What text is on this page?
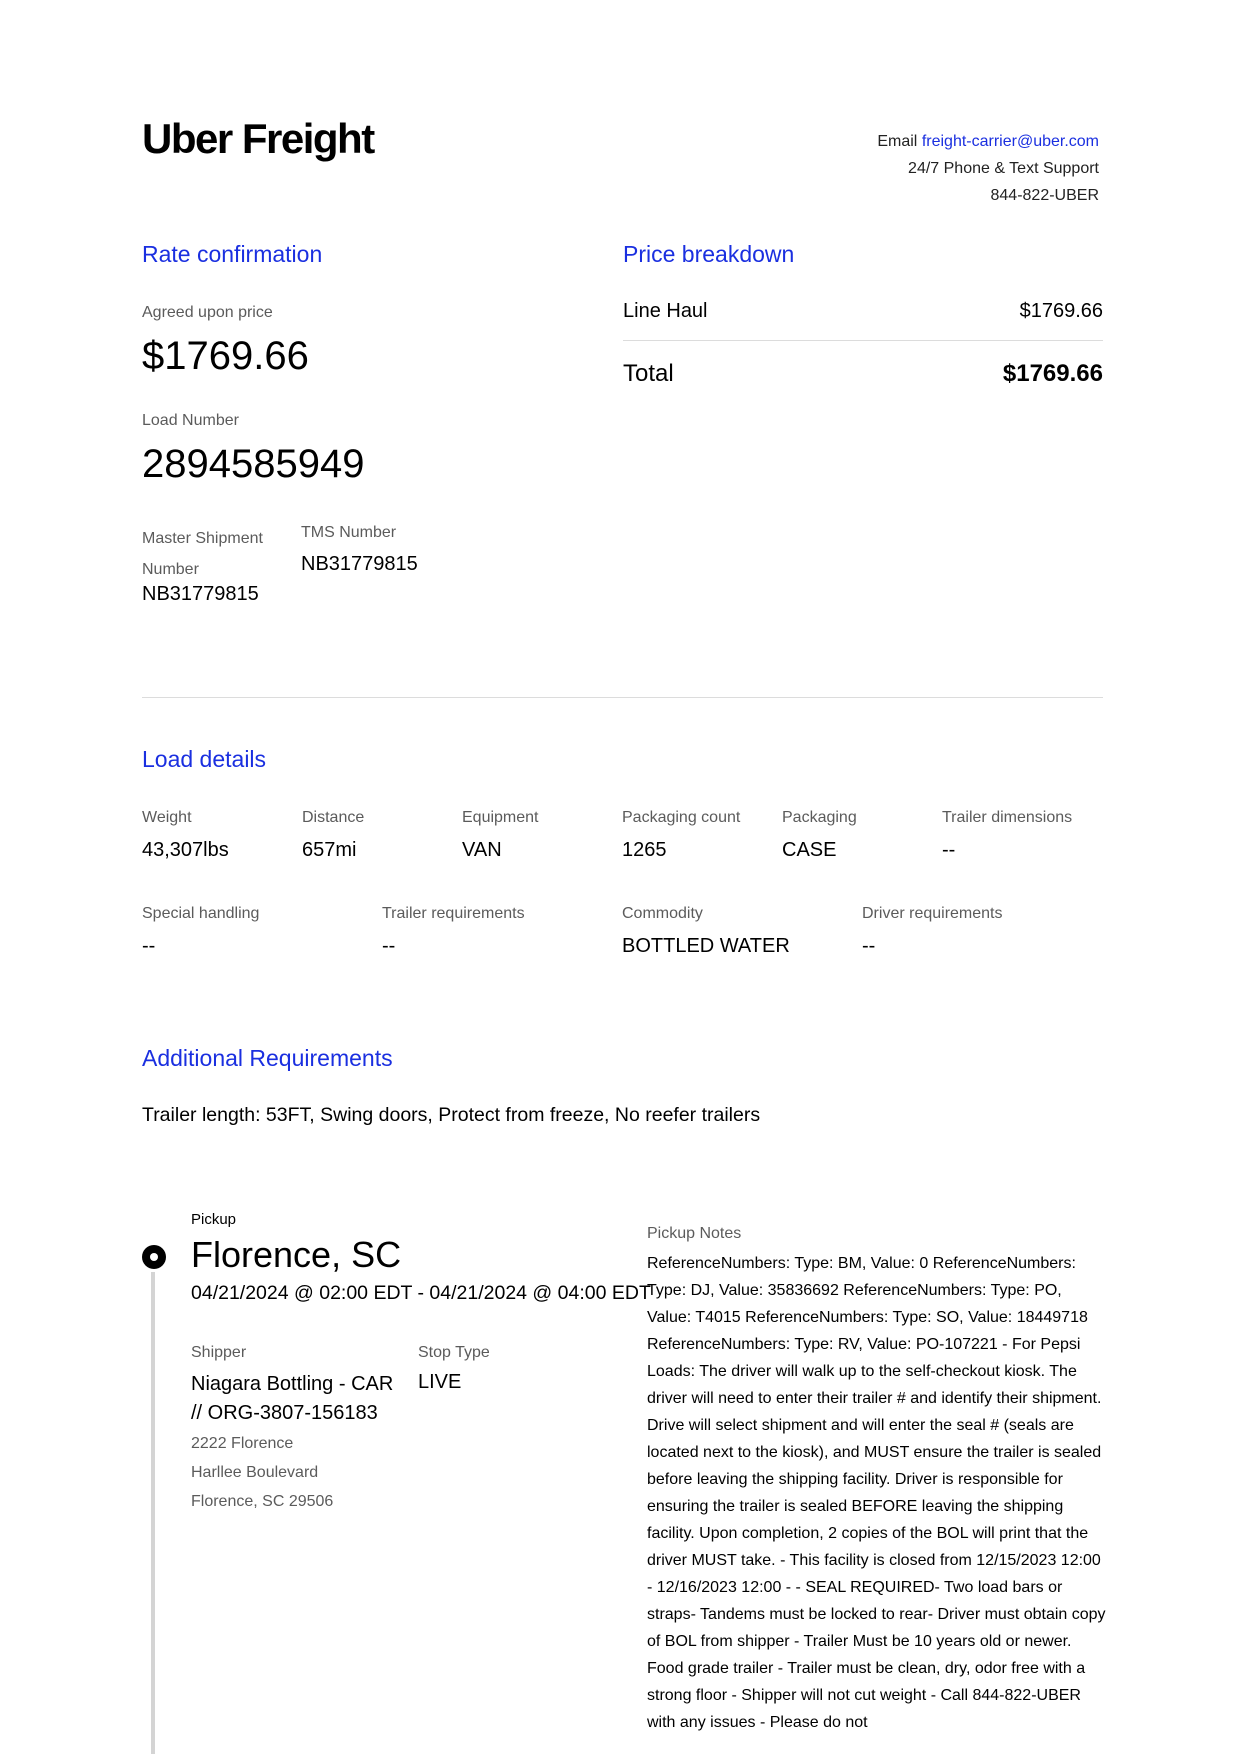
Uber Freight	Email freight-carrier@uber.com
24/7 Phone & Text Support
844-822-UBER
Rate confirmation
Agreed upon price
$1769.66
Load Number
2894585949
Master Shipment
Number
NB31779815
TMS Number
NB31779815
Price breakdown
Line Haul	$1769.66
Total	$1769.66
Load details
Weight
43,307lbs
Distance
657mi
Equipment
VAN
Packaging count
1265
Packaging
CASE
Trailer dimensions
--
Special handling
--
Trailer requirements
--
Commodity
BOTTLED WATER
Driver requirements
--
Additional Requirements
Trailer length: 53FT, Swing doors, Protect from freeze, No reefer trailers
Pickup
Florence, SC
04/21/2024 @ 02:00 EDT - 04/21/2024 @ 04:00 EDT
Shipper
Niagara Bottling - CAR
// ORG-3807-156183
2222 Florence
Harllee Boulevard
Florence, SC 29506
Stop Type
LIVE
Pickup Notes
ReferenceNumbers: Type: BM, Value: 0 ReferenceNumbers: Type: DJ, Value: 35836692 ReferenceNumbers: Type: PO, Value: T4015 ReferenceNumbers: Type: SO, Value: 18449718 ReferenceNumbers: Type: RV, Value: PO-107221 - For Pepsi Loads: The driver will walk up to the self-checkout kiosk. The driver will need to enter their trailer # and identify their shipment. Drive will select shipment and will enter the seal # (seals are located next to the kiosk), and MUST ensure the trailer is sealed before leaving the shipping facility. Driver is responsible for ensuring the trailer is sealed BEFORE leaving the shipping facility. Upon completion, 2 copies of the BOL will print that the driver MUST take. - This facility is closed from 12/15/2023 12:00 - 12/16/2023 12:00 - - SEAL REQUIRED- Two load bars or straps- Tandems must be locked to rear- Driver must obtain copy of BOL from shipper - Trailer Must be 10 years old or newer. Food grade trailer - Trailer must be clean, dry, odor free with a strong floor - Shipper will not cut weight - Call 844-822-UBER with any issues - Please do not
